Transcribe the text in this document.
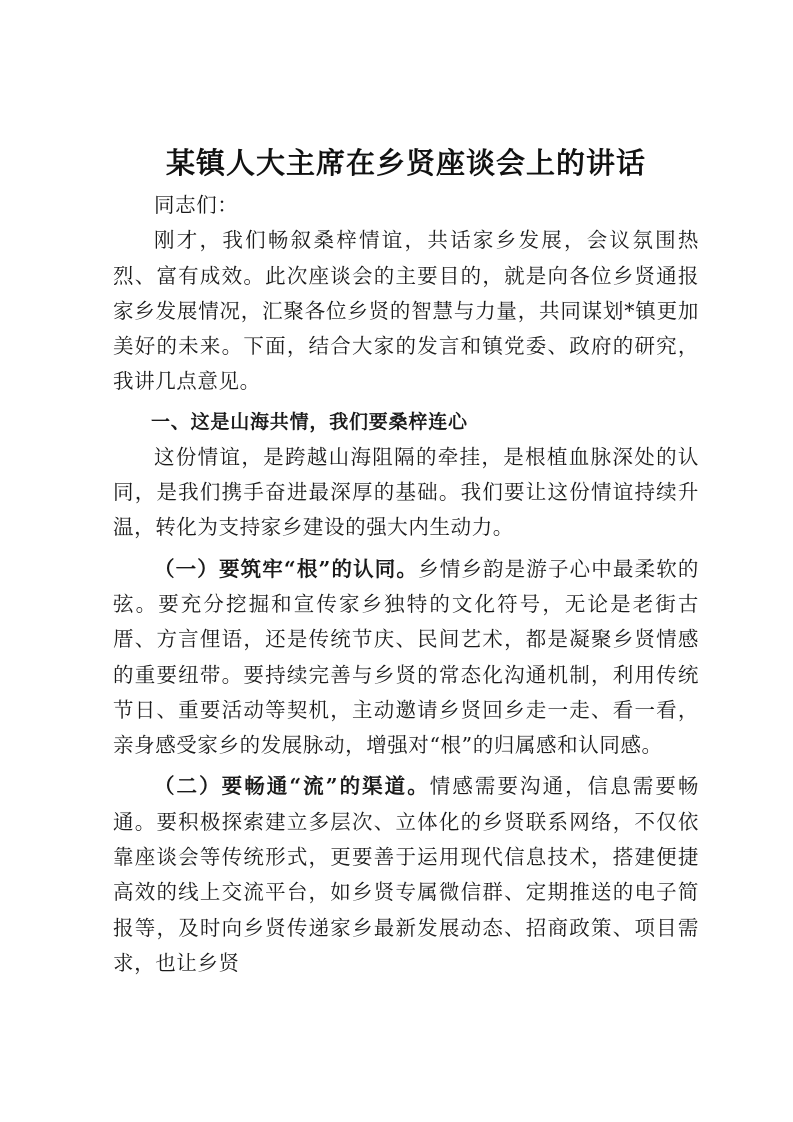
某镇人大主席在乡贤座谈会上的讲话

同志们：

刚才，我们畅叙桑梓情谊，共话家乡发展，会议氛围热烈、富有成效。此次座谈会的主要目的，就是向各位乡贤通报家乡发展情况，汇聚各位乡贤的智慧与力量，共同谋划*镇更加美好的未来。下面，结合大家的发言和镇党委、政府的研究，我讲几点意见。

一、这是山海共情，我们要桑梓连心

这份情谊，是跨越山海阻隔的牵挂，是根植血脉深处的认同，是我们携手奋进最深厚的基础。我们要让这份情谊持续升温，转化为支持家乡建设的强大内生动力。

（一）要筑牢“根”的认同。乡情乡韵是游子心中最柔软的弦。要充分挖掘和宣传家乡独特的文化符号，无论是老街古厝、方言俚语，还是传统节庆、民间艺术，都是凝聚乡贤情感的重要纽带。要持续完善与乡贤的常态化沟通机制，利用传统节日、重要活动等契机，主动邀请乡贤回乡走一走、看一看，亲身感受家乡的发展脉动，增强对“根”的归属感和认同感。

（二）要畅通“流”的渠道。情感需要沟通，信息需要畅通。要积极探索建立多层次、立体化的乡贤联系网络，不仅依靠座谈会等传统形式，更要善于运用现代信息技术，搭建便捷高效的线上交流平台，如乡贤专属微信群、定期推送的电子简报等，及时向乡贤传递家乡最新发展动态、招商政策、项目需求，也让乡贤
